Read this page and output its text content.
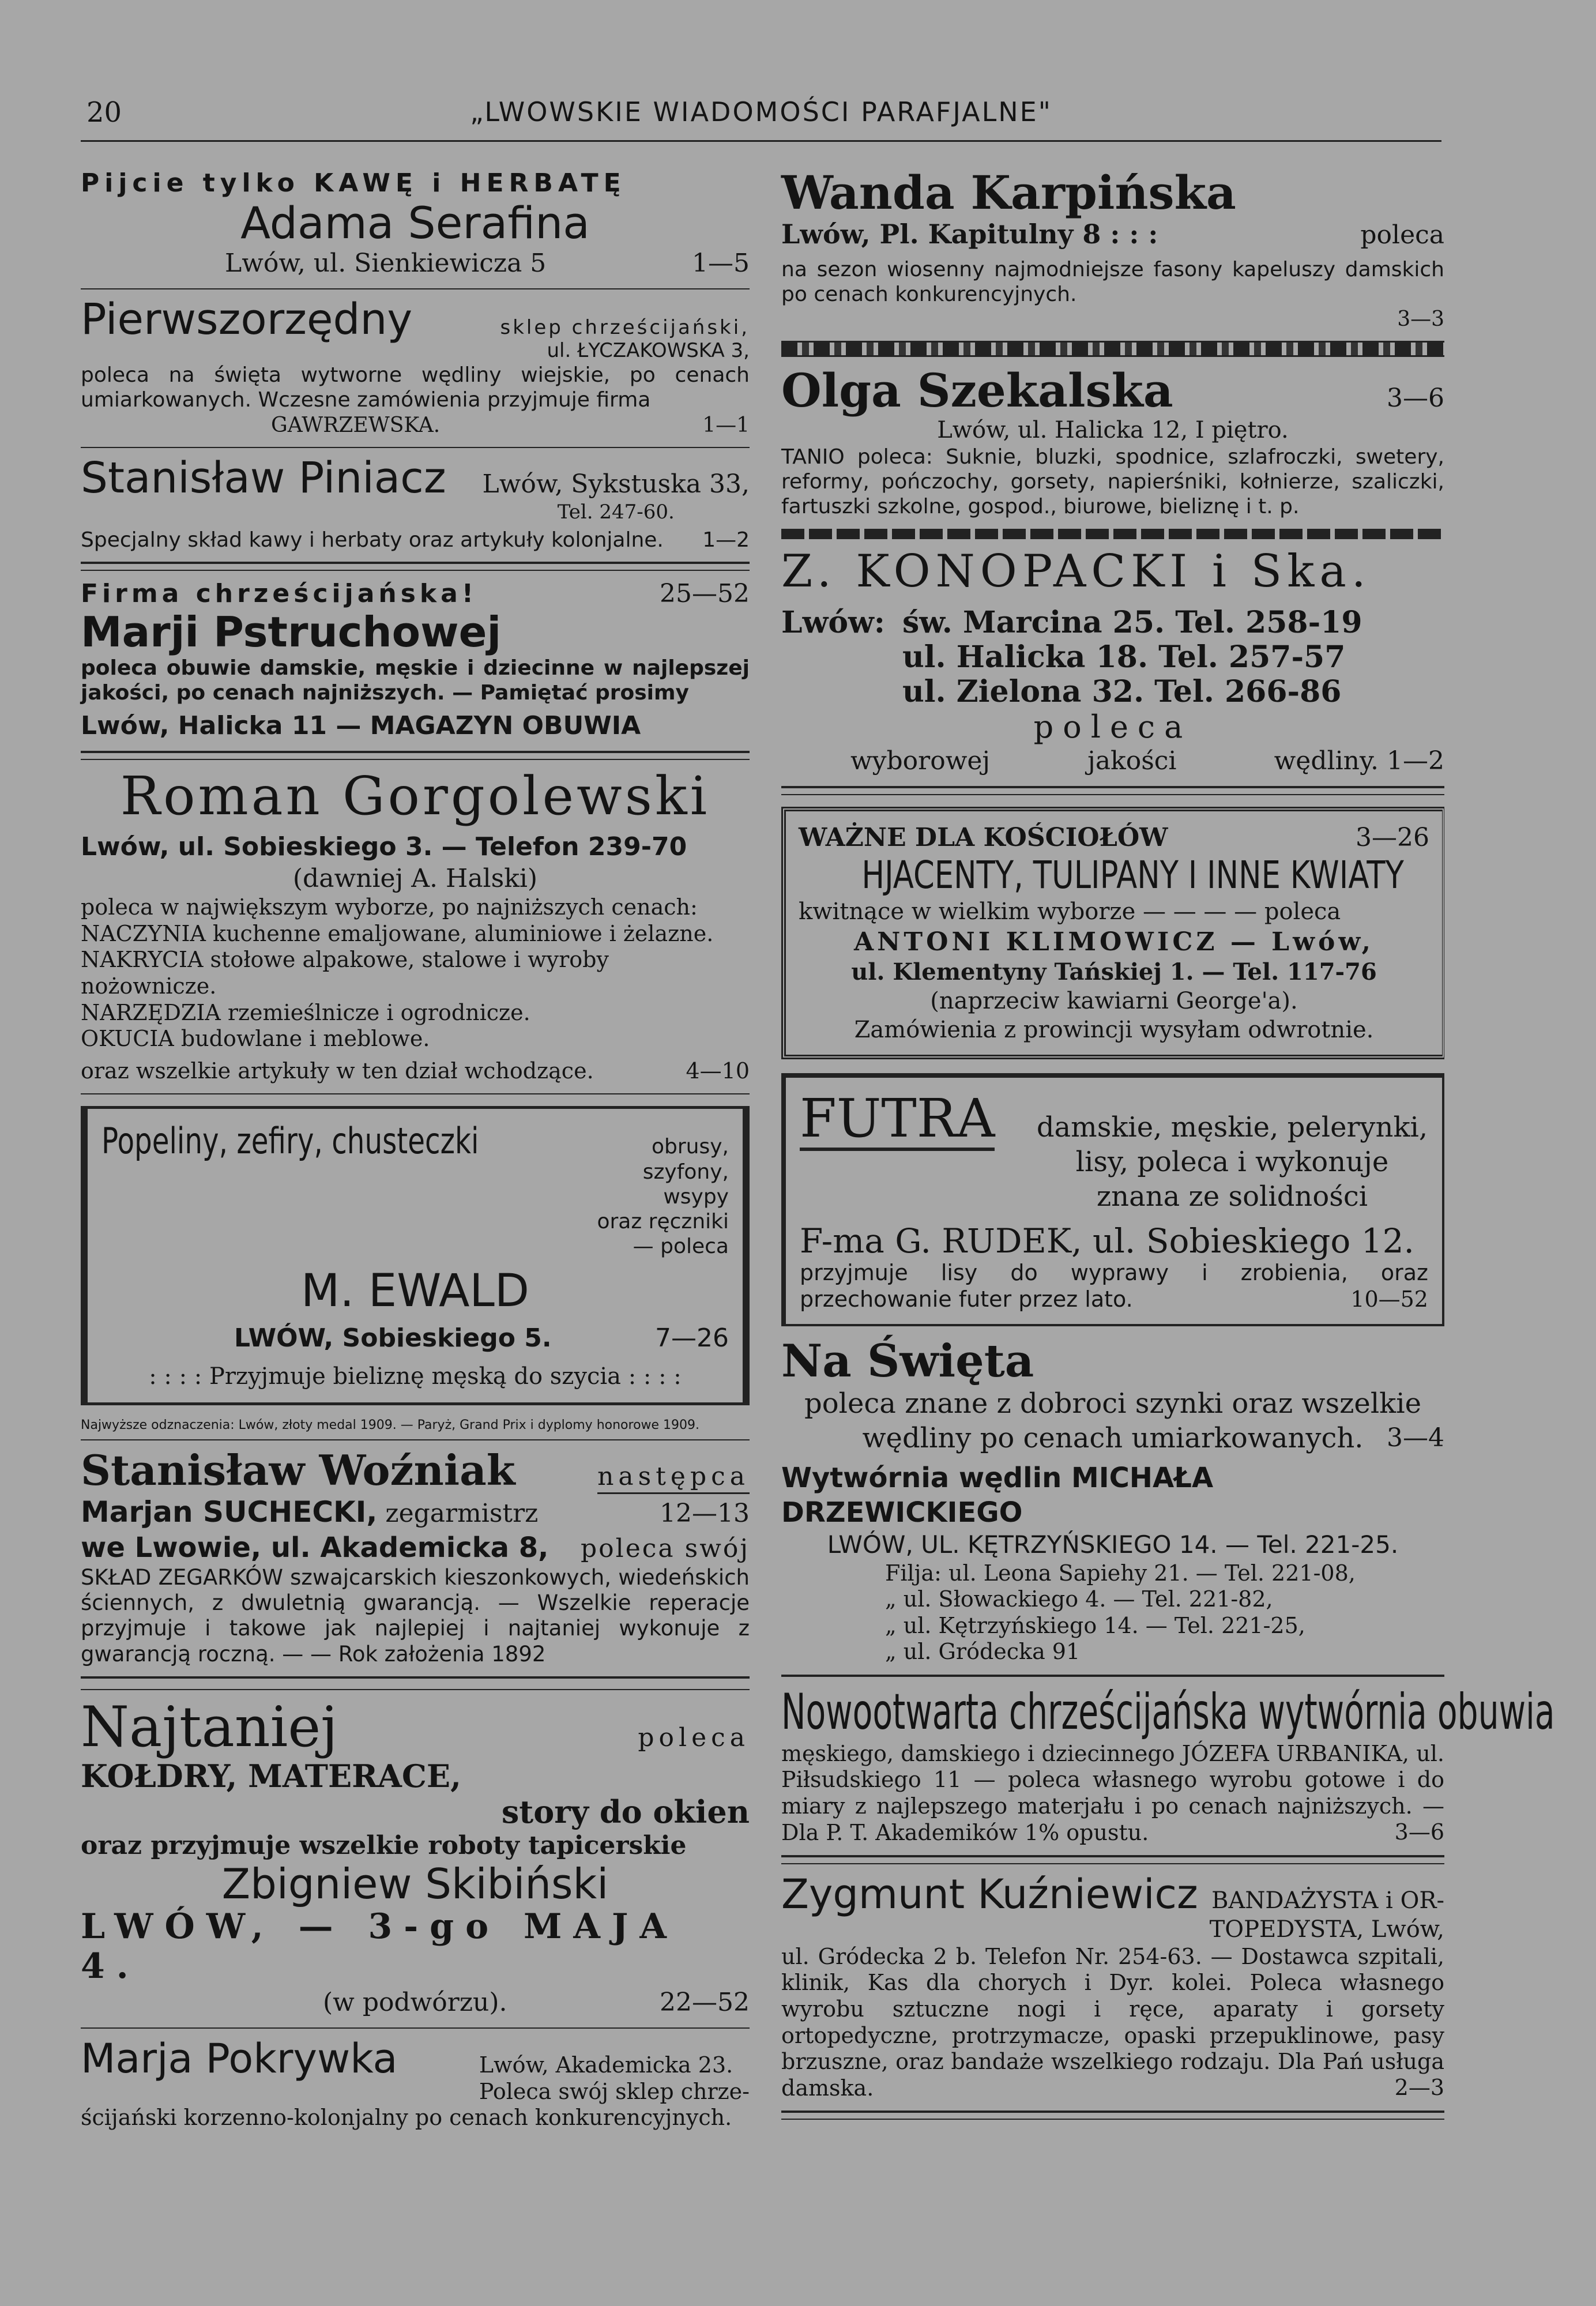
20	„LWOWSKIE WIADOMOŚCI PARAFJALNE"

Pijcie tylko KAWĘ i HERBATĘ

Adama Serafina

Lwów, ul. Sienkiewicza 5	1—5
Pierwszorzędny	sklep chrześcijański,
ul. ŁYCZAKOWSKA 3,

poleca na święta wytworne wędliny wiejskie, po cenach umiarkowanych. Wczesne zamówienia przyjmuje firma

GAWRZEWSKA.	1—1
Stanisław Piniacz Lwów, Sykstuska 33,
Tel. 247-60.
Specjalny skład kawy i herbaty oraz artykuły kolonjalne. 1—2
Firma chrześcijańska!	25—52

Marji Pstruchowej

poleca obuwie damskie, męskie i dziecinne w najlepszej jakości, po cenach najniższych. — Pamiętać prosimy

Lwów, Halicka 11 — MAGAZYN OBUWIA

Roman Gorgolewski

Lwów, ul. Sobieskiego 3. — Telefon 239-70

(dawniej A. Halski)

poleca w największym wyborze, po najniższych cenach:

NACZYNIA kuchenne emaljowane, aluminiowe i żelazne.

NAKRYCIA stołowe alpakowe, stalowe i wyroby nożownicze.

NARZĘDZIA rzemieślnicze i ogrodnicze.

OKUCIA budowlane i meblowe.

oraz wszelkie artykuły w ten dział wchodzące.	4—10
Popeliny, zefiry, chusteczki	obrusy, szyfony, wsypy
oraz ręczniki — poleca

M. EWALD

LWÓW, Sobieskiego 5.	7—26

: : : : Przyjmuje bieliznę męską do szycia : : : :

Najwyższe odznaczenia: Lwów, złoty medal 1909. — Paryż, Grand Prix i dyplomy honorowe 1909.

Stanisław Woźniak	następca
Marjan SUCHECKI, zegarmistrz	12—13
we Lwowie, ul. Akademicka 8, poleca swój

SKŁAD ZEGARKÓW szwajcarskich kieszonkowych, wiedeńskich ściennych, z dwuletnią gwarancją. — Wszelkie reperacje przyjmuje i takowe jak najlepiej i najtaniej wykonuje z gwarancją roczną. — — Rok założenia 1892

Najtaniej	poleca

KOŁDRY, MATERACE,

story do okien

oraz przyjmuje wszelkie roboty tapicerskie

Zbigniew Skibiński

LWÓW, — 3-go MAJA 4.

(w podwórzu).	22—52
Marja Pokrywka	Lwów, Akademicka 23.
Poleca swój sklep chrze-

ścijański korzenno-kolonjalny po cenach konkurencyjnych.

Wanda Karpińska

Lwów, Pl. Kapitulny 8 : : :	poleca

na sezon wiosenny najmodniejsze fasony kapeluszy damskich po cenach konkurencyjnych.

3—3

Olga Szekalska	3—6

Lwów, ul. Halicka 12, I piętro.

TANIO poleca: Suknie, bluzki, spodnice, szlafroczki, swetery, reformy, pończochy, gorsety, napierśniki, kołnierze, szaliczki, fartuszki szkolne, gospod., biurowe, bieliznę i t. p.

Z. KONOPACKI i Ska.

Lwów: św. Marcina 25. Tel. 258-19
ul. Halicka 18. Tel. 257-57
ul. Zielona 32. Tel. 266-86

poleca

wyborowej	jakości	wędliny. 1—2
WAŻNE DLA KOŚCIOŁÓW	3—26

HJACENTY, TULIPANY I INNE KWIATY

kwitnące w wielkim wyborze — — — — poleca

ANTONI KLIMOWICZ — Lwów,

ul. Klementyny Tańskiej 1. — Tel. 117-76

(naprzeciw kawiarni George'a).

Zamówienia z prowincji wysyłam odwrotnie.

FUTRA damskie, męskie, pelerynki, lisy, poleca i wykonuje znana ze solidności

F-ma G. RUDEK, ul. Sobieskiego 12.

przyjmuje lisy do wyprawy i zrobienia, oraz przechowanie futer przez lato.	10—52

Na Święta

poleca znane z dobroci szynki oraz wszelkie wędliny po cenach umiarkowanych. 3—4

Wytwórnia wędlin MICHAŁA DRZEWICKIEGO

LWÓW, UL. KĘTRZYŃSKIEGO 14. — Tel. 221-25.

Filja: ul. Leona Sapiehy 21. — Tel. 221-08,
„ ul. Słowackiego 4. — Tel. 221-82,
„ ul. Kętrzyńskiego 14. — Tel. 221-25,
„ ul. Gródecka 91

Nowootwarta chrześcijańska wytwórnia obuwia

męskiego, damskiego i dziecinnego JÓZEFA URBANIKA, ul. Piłsudskiego 11 — poleca własnego wyrobu gotowe i do miary z najlepszego materjału i po cenach najniższych. — Dla P. T. Akademików 1% opustu.	3—6

Zygmunt Kuźniewicz BANDAŻYSTA i OR-
TOPEDYSTA, Lwów,

ul. Gródecka 2 b. Telefon Nr. 254-63. — Dostawca szpitali, klinik, Kas dla chorych i Dyr. kolei. Poleca własnego wyrobu sztuczne nogi i ręce, aparaty i gorsety ortopedyczne, protrzymacze, opaski przepuklinowe, pasy brzuszne, oraz bandaże wszelkiego rodzaju. Dla Pań usługa damska.	2—3
